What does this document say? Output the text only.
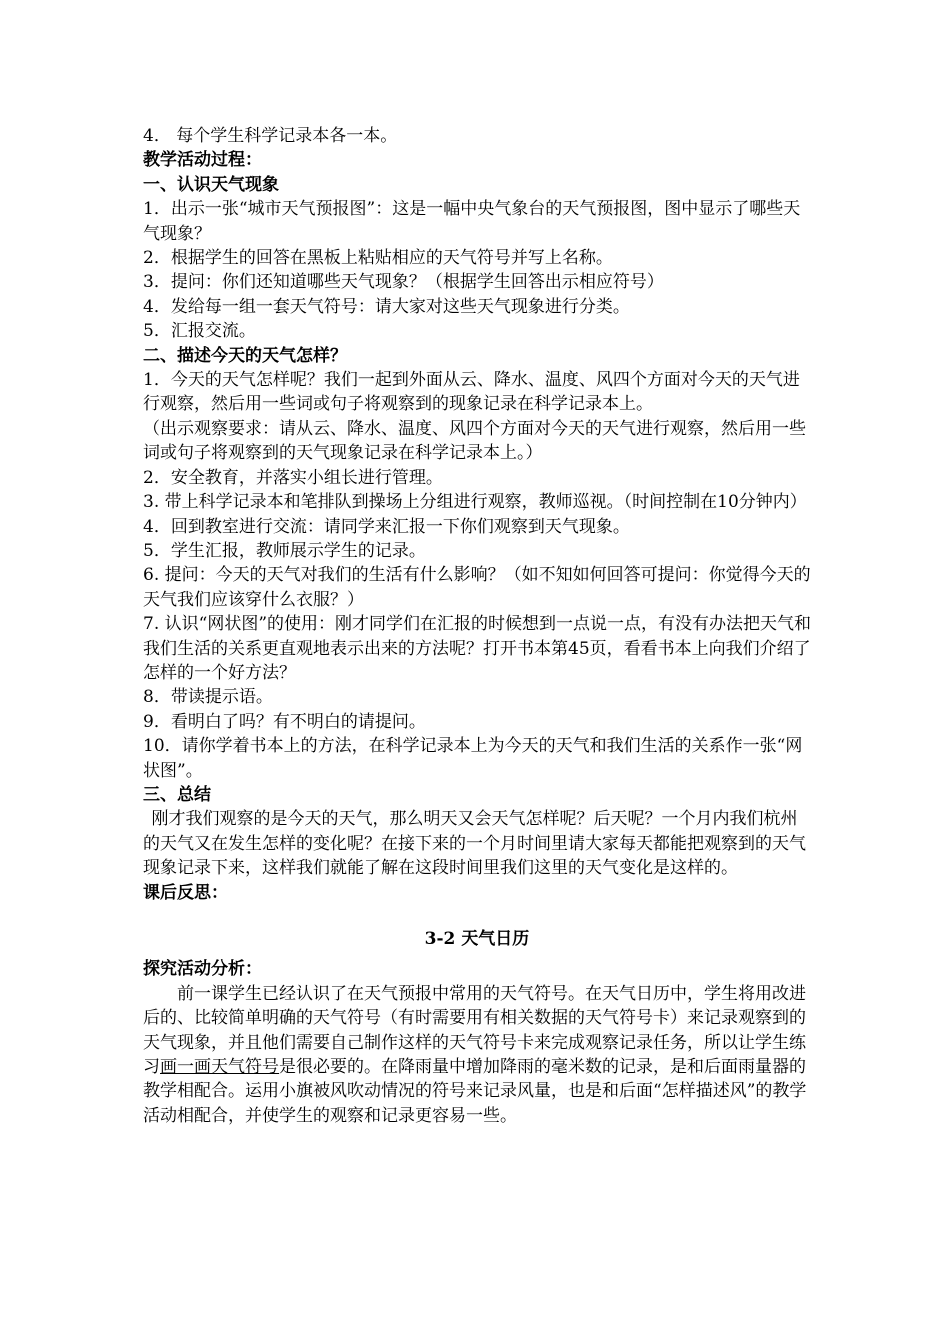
4． 每个学生科学记录本各一本。

教学活动过程：

一、认识天气现象

1．出示一张“城市天气预报图”：这是一幅中央气象台的天气预报图，图中显示了哪些天气现象？

2．根据学生的回答在黑板上粘贴相应的天气符号并写上名称。

3．提问：你们还知道哪些天气现象？（根据学生回答出示相应符号）

4．发给每一组一套天气符号：请大家对这些天气现象进行分类。

5．汇报交流。

二、描述今天的天气怎样？

1．今天的天气怎样呢？我们一起到外面从云、降水、温度、风四个方面对今天的天气进行观察，然后用一些词或句子将观察到的现象记录在科学记录本上。

（出示观察要求：请从云、降水、温度、风四个方面对今天的天气进行观察，然后用一些词或句子将观察到的天气现象记录在科学记录本上。）

2．安全教育，并落实小组长进行管理。

3. 带上科学记录本和笔排队到操场上分组进行观察，教师巡视。（时间控制在10分钟内）

4．回到教室进行交流：请同学来汇报一下你们观察到天气现象。

5．学生汇报，教师展示学生的记录。

6. 提问：今天的天气对我们的生活有什么影响？（如不知如何回答可提问：你觉得今天的天气我们应该穿什么衣服？）

7. 认识“网状图”的使用：刚才同学们在汇报的时候想到一点说一点，有没有办法把天气和我们生活的关系更直观地表示出来的方法呢？打开书本第45页，看看书本上向我们介绍了怎样的一个好方法？

8．带读提示语。

9．看明白了吗？有不明白的请提问。

10．请你学着书本上的方法，在科学记录本上为今天的天气和我们生活的关系作一张“网状图”。

三、总结

刚才我们观察的是今天的天气，那么明天又会天气怎样呢？后天呢？一个月内我们杭州的天气又在发生怎样的变化呢？在接下来的一个月时间里请大家每天都能把观察到的天气现象记录下来，这样我们就能了解在这段时间里我们这里的天气变化是这样的。

课后反思：

3-2 天气日历

探究活动分析：

前一课学生已经认识了在天气预报中常用的天气符号。在天气日历中，学生将用改进后的、比较简单明确的天气符号（有时需要用有相关数据的天气符号卡）来记录观察到的天气现象，并且他们需要自己制作这样的天气符号卡来完成观察记录任务，所以让学生练习画一画天气符号是很必要的。在降雨量中增加降雨的毫米数的记录，是和后面雨量器的教学相配合。运用小旗被风吹动情况的符号来记录风量，也是和后面“怎样描述风”的教学活动相配合，并使学生的观察和记录更容易一些。
